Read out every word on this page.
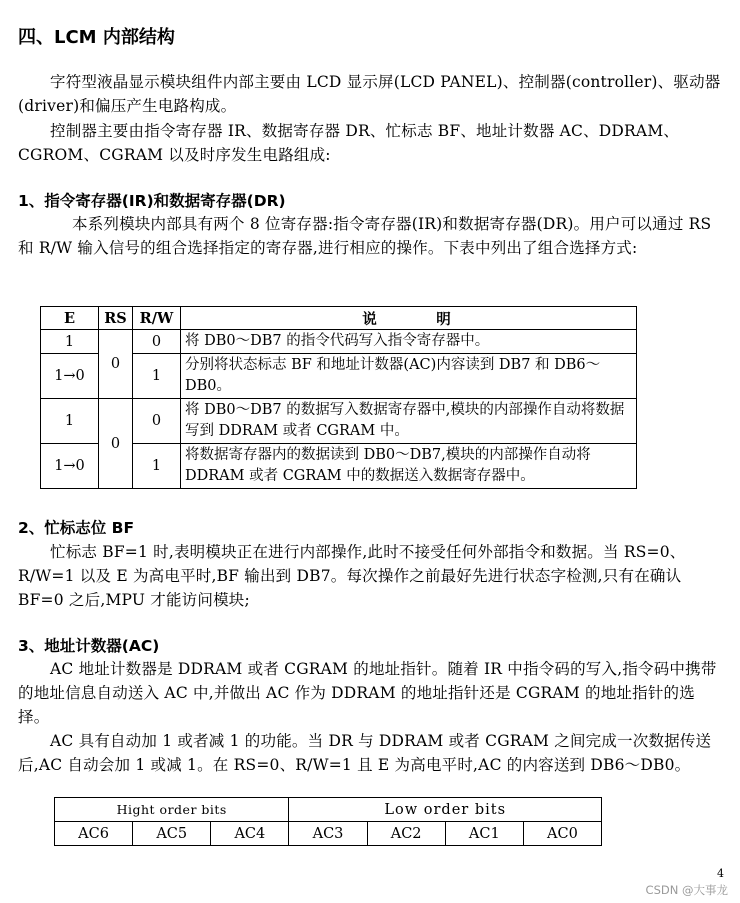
四、LCM 内部结构
字符型液晶显示模块组件内部主要由 LCD 显示屏(LCD PANEL)、控制器(controller)、驱动器(driver)和偏压产生电路构成。
控制器主要由指令寄存器 IR、数据寄存器 DR、忙标志 BF、地址计数器 AC、DDRAM、CGROM、CGRAM 以及时序发生电路组成:
1、指令寄存器(IR)和数据寄存器(DR)
本系列模块内部具有两个 8 位寄存器:指令寄存器(IR)和数据寄存器(DR)。用户可以通过 RS 和 R/W 输入信号的组合选择指定的寄存器,进行相应的操作。下表中列出了组合选择方式:
E	RS	R/W	说　　　明
1	0	0	将 DB0～DB7 的指令代码写入指令寄存器中。
1→0		1	分别将状态标志 BF 和地址计数器(AC)内容读到 DB7 和 DB6～DB0。
1	0	0	将 DB0～DB7 的数据写入数据寄存器中,模块的内部操作自动将数据写到 DDRAM 或者 CGRAM 中。
1→0		1	将数据寄存器内的数据读到 DB0～DB7,模块的内部操作自动将 DDRAM 或者 CGRAM 中的数据送入数据寄存器中。
2、忙标志位 BF
忙标志 BF=1 时,表明模块正在进行内部操作,此时不接受任何外部指令和数据。当 RS=0、R/W=1 以及 E 为高电平时,BF 输出到 DB7。每次操作之前最好先进行状态字检测,只有在确认 BF=0 之后,MPU 才能访问模块;
3、地址计数器(AC)
AC 地址计数器是 DDRAM 或者 CGRAM 的地址指针。随着 IR 中指令码的写入,指令码中携带的地址信息自动送入 AC 中,并做出 AC 作为 DDRAM 的地址指针还是 CGRAM 的地址指针的选择。
AC 具有自动加 1 或者减 1 的功能。当 DR 与 DDRAM 或者 CGRAM 之间完成一次数据传送后,AC 自动会加 1 或减 1。在 RS=0、R/W=1 且 E 为高电平时,AC 的内容送到 DB6～DB0。
Hight order bits			Low order bits			
AC6	AC5	AC4	AC3	AC2	AC1	AC0
4
CSDN @大事龙
